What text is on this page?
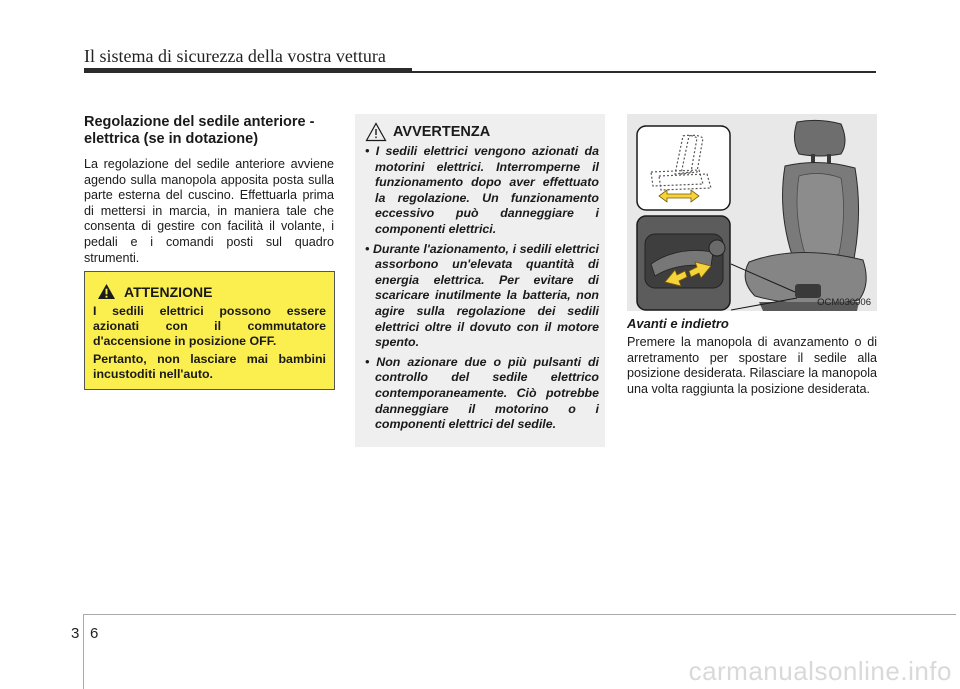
Il sistema di sicurezza della vostra vettura
Regolazione del sedile anteriore - elettrica (se in dotazione)

La regolazione del sedile anteriore avviene agendo sulla manopola apposita posta sulla parte esterna del cuscino. Effettuarla prima di mettersi in marcia, in maniera tale che consenta di gestire con facilità il volante, i pedali e i comandi posti sul quadro strumenti.

ATTENZIONE

I sedili elettrici possono essere azionati con il commutatore d'accensione in posizione OFF.

Pertanto, non lasciare mai bambini incustoditi nell'auto.

AVVERTENZA
• I sedili elettrici vengono azionati da motorini elettrici. Interromperne il funzionamento dopo aver effettuato la regolazione. Un funzionamento eccessivo può danneggiare i componenti elettrici.
• Durante l'azionamento, i sedili elettrici assorbono un'elevata quantità di energia elettrica. Per evitare di scaricare inutilmente la batteria, non agire sulla regolazione dei sedili elettrici oltre il dovuto con il motore spento.
• Non azionare due o più pulsanti di controllo del sedile elettrico contemporaneamente. Ciò potrebbe danneggiare il motorino o i componenti elettrici del sedile.
OCM030006
Avanti e indietro

Premere la manopola di avanzamento o di arretramento per spostare il sedile alla posizione desiderata. Rilasciare la manopola una volta raggiunta la posizione desiderata.

3 6
carmanualsonline.info
